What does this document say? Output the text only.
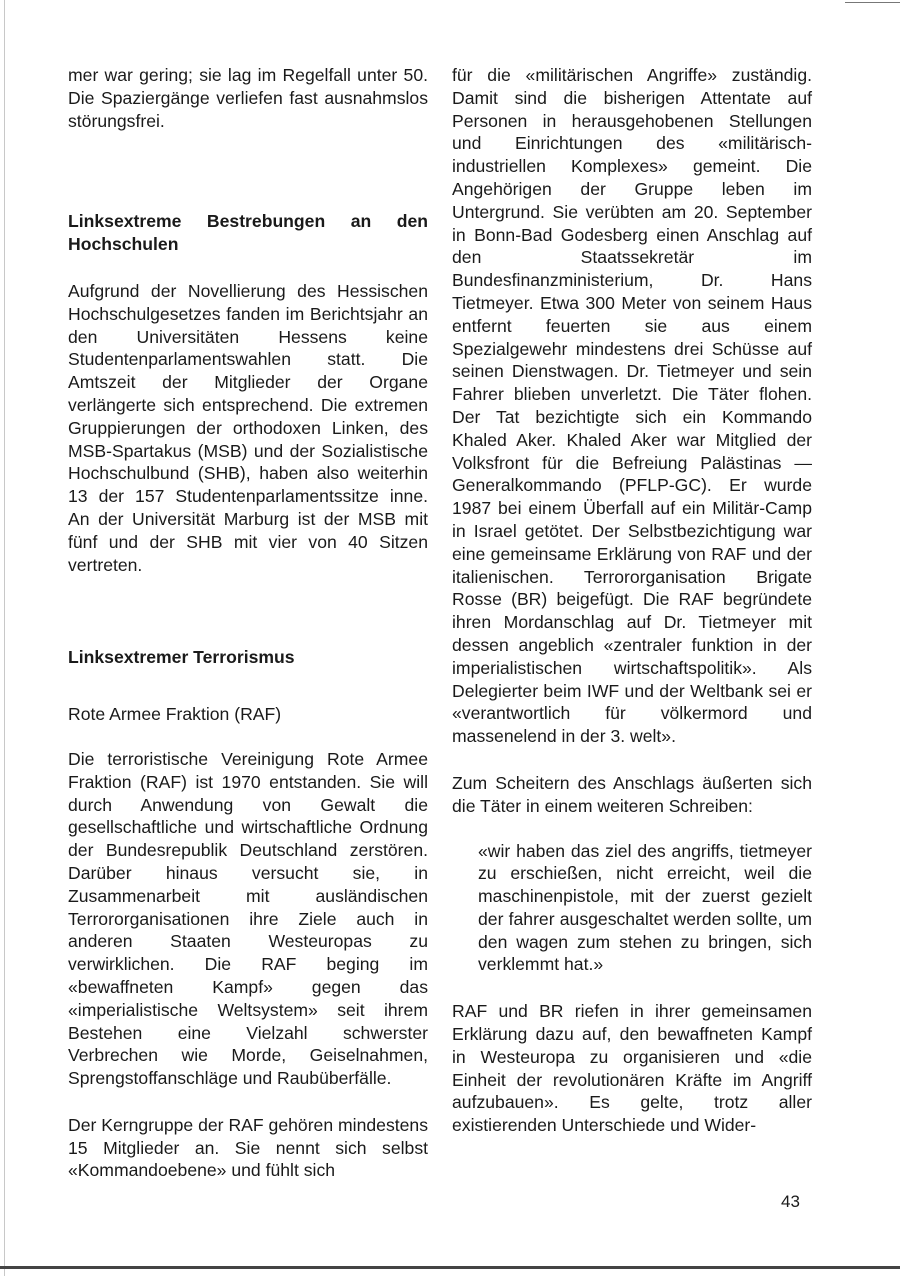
mer war gering; sie lag im Regelfall unter 50. Die Spaziergänge verliefen fast ausnahmslos störungsfrei.

Linksextreme Bestrebungen an den Hochschulen

Aufgrund der Novellierung des Hessischen Hochschulgesetzes fanden im Berichtsjahr an den Universitäten Hessens keine Studentenparlamentswahlen statt. Die Amtszeit der Mitglieder der Organe verlängerte sich entsprechend. Die extremen Gruppierungen der orthodoxen Linken, des MSB-Spartakus (MSB) und der Sozialistische Hochschulbund (SHB), haben also weiterhin 13 der 157 Studentenparlamentssitze inne. An der Universität Marburg ist der MSB mit fünf und der SHB mit vier von 40 Sitzen vertreten.

Linksextremer Terrorismus

Rote Armee Fraktion (RAF)

Die terroristische Vereinigung Rote Armee Fraktion (RAF) ist 1970 entstanden. Sie will durch Anwendung von Gewalt die gesellschaftliche und wirtschaftliche Ordnung der Bundesrepublik Deutschland zerstören. Darüber hinaus versucht sie, in Zusammenarbeit mit ausländischen Terrororganisationen ihre Ziele auch in anderen Staaten Westeuropas zu verwirklichen. Die RAF beging im «bewaffneten Kampf» gegen das «imperialistische Weltsystem» seit ihrem Bestehen eine Vielzahl schwerster Verbrechen wie Morde, Geiselnahmen, Sprengstoffanschläge und Raubüberfälle.

Der Kerngruppe der RAF gehören mindestens 15 Mitglieder an. Sie nennt sich selbst «Kommandoebene» und fühlt sich

für die «militärischen Angriffe» zuständig. Damit sind die bisherigen Attentate auf Personen in herausgehobenen Stellungen und Einrichtungen des «militärisch-industriellen Komplexes» gemeint. Die Angehörigen der Gruppe leben im Untergrund. Sie verübten am 20. September in Bonn-Bad Godesberg einen Anschlag auf den Staatssekretär im Bundesfinanzministerium, Dr. Hans Tietmeyer. Etwa 300 Meter von seinem Haus entfernt feuerten sie aus einem Spezialgewehr mindestens drei Schüsse auf seinen Dienstwagen. Dr. Tietmeyer und sein Fahrer blieben unverletzt. Die Täter flohen. Der Tat bezichtigte sich ein Kommando Khaled Aker. Khaled Aker war Mitglied der Volksfront für die Befreiung Palästinas — Generalkommando (PFLP-GC). Er wurde 1987 bei einem Überfall auf ein Militär-Camp in Israel getötet. Der Selbstbezichtigung war eine gemeinsame Erklärung von RAF und der italienischen. Terrororganisation Brigate Rosse (BR) beigefügt. Die RAF begründete ihren Mordanschlag auf Dr. Tietmeyer mit dessen angeblich «zentraler funktion in der imperialistischen wirtschaftspolitik». Als Delegierter beim IWF und der Weltbank sei er «verantwortlich für völkermord und massenelend in der 3. welt».

Zum Scheitern des Anschlags äußerten sich die Täter in einem weiteren Schreiben:

«wir haben das ziel des angriffs, tietmeyer zu erschießen, nicht erreicht, weil die maschinenpistole, mit der zuerst gezielt der fahrer ausgeschaltet werden sollte, um den wagen zum stehen zu bringen, sich verklemmt hat.»

RAF und BR riefen in ihrer gemeinsamen Erklärung dazu auf, den bewaffneten Kampf in Westeuropa zu organisieren und «die Einheit der revolutionären Kräfte im Angriff aufzubauen». Es gelte, trotz aller existierenden Unterschiede und Wider-

43
